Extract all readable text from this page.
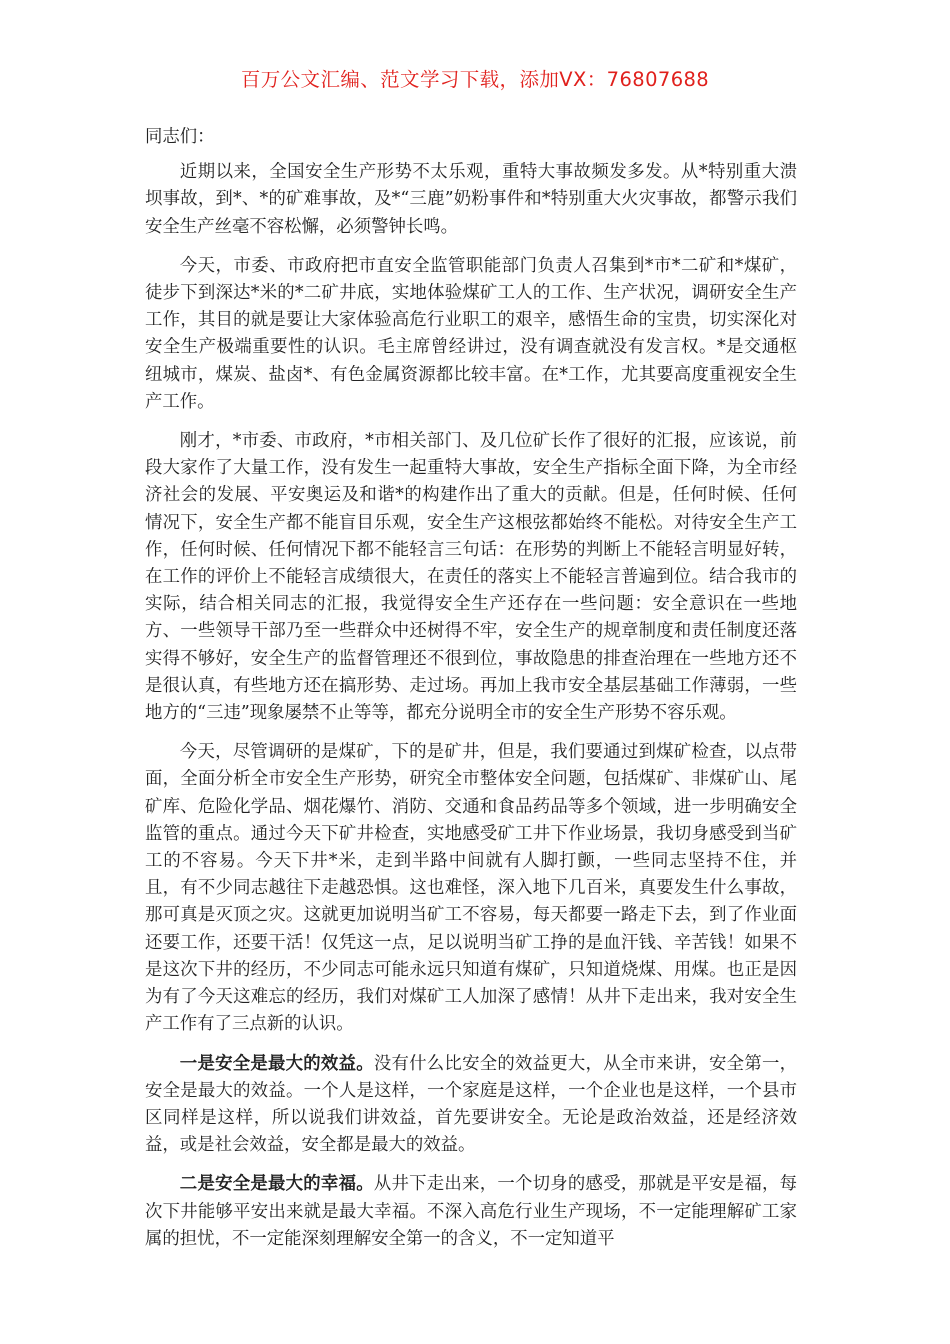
百万公文汇编、范文学习下载，添加VX：76807688

同志们：

近期以来，全国安全生产形势不太乐观，重特大事故频发多发。从*特别重大溃坝事故，到*、*的矿难事故，及*“三鹿”奶粉事件和*特别重大火灾事故，都警示我们安全生产丝毫不容松懈，必须警钟长鸣。

今天，市委、市政府把市直安全监管职能部门负责人召集到*市*二矿和*煤矿，徒步下到深达*米的*二矿井底，实地体验煤矿工人的工作、生产状况，调研安全生产工作，其目的就是要让大家体验高危行业职工的艰辛，感悟生命的宝贵，切实深化对安全生产极端重要性的认识。毛主席曾经讲过，没有调查就没有发言权。*是交通枢纽城市，煤炭、盐卤*、有色金属资源都比较丰富。在*工作，尤其要高度重视安全生产工作。

刚才，*市委、市政府，*市相关部门、及几位矿长作了很好的汇报，应该说，前段大家作了大量工作，没有发生一起重特大事故，安全生产指标全面下降，为全市经济社会的发展、平安奥运及和谐*的构建作出了重大的贡献。但是，任何时候、任何情况下，安全生产都不能盲目乐观，安全生产这根弦都始终不能松。对待安全生产工作，任何时候、任何情况下都不能轻言三句话：在形势的判断上不能轻言明显好转，在工作的评价上不能轻言成绩很大，在责任的落实上不能轻言普遍到位。结合我市的实际，结合相关同志的汇报，我觉得安全生产还存在一些问题：安全意识在一些地方、一些领导干部乃至一些群众中还树得不牢，安全生产的规章制度和责任制度还落实得不够好，安全生产的监督管理还不很到位，事故隐患的排查治理在一些地方还不是很认真，有些地方还在搞形势、走过场。再加上我市安全基层基础工作薄弱，一些地方的“三违”现象屡禁不止等等，都充分说明全市的安全生产形势不容乐观。

今天，尽管调研的是煤矿，下的是矿井，但是，我们要通过到煤矿检查，以点带面，全面分析全市安全生产形势，研究全市整体安全问题，包括煤矿、非煤矿山、尾矿库、危险化学品、烟花爆竹、消防、交通和食品药品等多个领域，进一步明确安全监管的重点。通过今天下矿井检查，实地感受矿工井下作业场景，我切身感受到当矿工的不容易。今天下井*米，走到半路中间就有人脚打颤，一些同志坚持不住，并且，有不少同志越往下走越恐惧。这也难怪，深入地下几百米，真要发生什么事故，那可真是灭顶之灾。这就更加说明当矿工不容易，每天都要一路走下去，到了作业面还要工作，还要干活！仅凭这一点，足以说明当矿工挣的是血汗钱、辛苦钱！如果不是这次下井的经历，不少同志可能永远只知道有煤矿，只知道烧煤、用煤。也正是因为有了今天这难忘的经历，我们对煤矿工人加深了感情！从井下走出来，我对安全生产工作有了三点新的认识。

一是安全是最大的效益。没有什么比安全的效益更大，从全市来讲，安全第一，安全是最大的效益。一个人是这样，一个家庭是这样，一个企业也是这样，一个县市区同样是这样，所以说我们讲效益，首先要讲安全。无论是政治效益，还是经济效益，或是社会效益，安全都是最大的效益。

二是安全是最大的幸福。从井下走出来，一个切身的感受，那就是平安是福，每次下井能够平安出来就是最大幸福。不深入高危行业生产现场，不一定能理解矿工家属的担忧，不一定能深刻理解安全第一的含义，不一定知道平
